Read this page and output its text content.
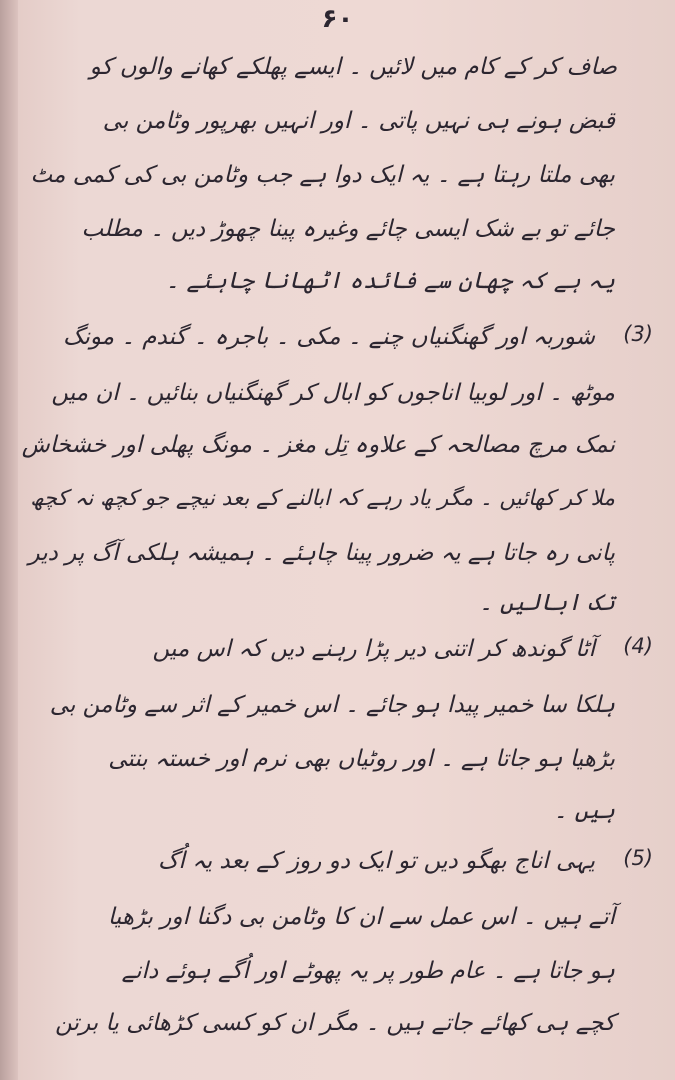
۶۰
صاف کر کے کام میں لائیں ۔ ایسے پھلکے کھانے والوں کو
قبض ہونے ہی نہیں پاتی ۔ اور انہیں بھرپور وٹامن بی
بھی ملتا رہتا ہے ۔ یہ ایک دوا ہے جب وٹامن بی کی کمی مٹ
جائے تو بے شک ایسی چائے وغیرہ پینا چھوڑ دیں ۔ مطلب
یہ ہے کہ چھان سے فائدہ اٹھانا چاہئے ۔
(3)
شوربہ اور گھنگنیاں چنے ۔ مکی ۔ باجرہ ۔ گندم ۔ مونگ
موٹھ ۔ اور لوبیا اناجوں کو ابال کر گھنگنیاں بنائیں ۔ ان میں
نمک مرچ مصالحہ کے علاوہ تِل مغز ۔ مونگ پھلی اور خشخاش
ملا کر کھائیں ۔ مگر یاد رہے کہ ابالنے کے بعد نیچے جو کچھ نہ کچھ
پانی رہ جاتا ہے یہ ضرور پینا چاہئے ۔ ہمیشہ ہلکی آگ پر دیر
تک ابالیں ۔
(4)
آٹا گوندھ کر اتنی دیر پڑا رہنے دیں کہ اس میں
ہلکا سا خمیر پیدا ہو جائے ۔ اس خمیر کے اثر سے وٹامن بی
بڑھیا ہو جاتا ہے ۔ اور روٹیاں بھی نرم اور خستہ بنتی
ہیں ۔
(5)
یہی اناج بھگو دیں تو ایک دو روز کے بعد یہ اُگ
آتے ہیں ۔ اس عمل سے ان کا وٹامن بی دگنا اور بڑھیا
ہو جاتا ہے ۔ عام طور پر یہ پھوٹے اور اُگے ہوئے دانے
کچے ہی کھائے جاتے ہیں ۔ مگر ان کو کسی کڑھائی یا برتن
